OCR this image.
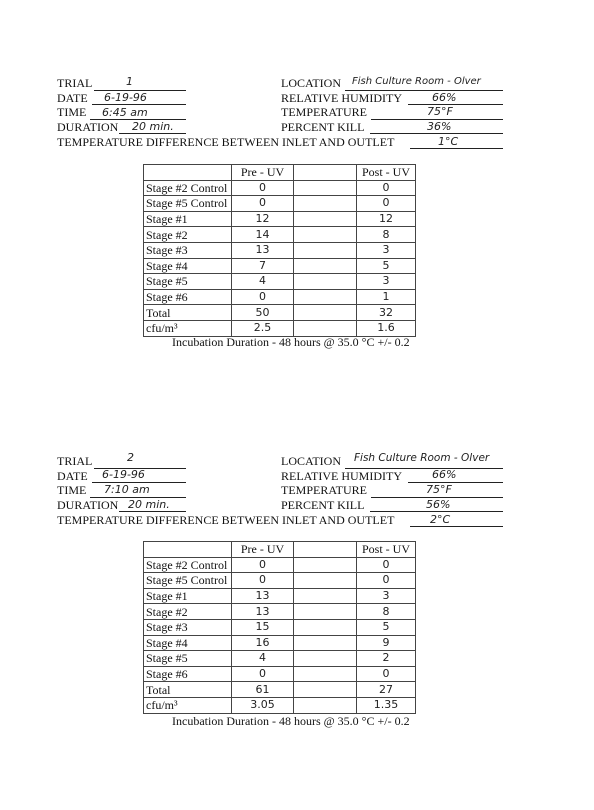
TRIAL	1
DATE 6-19-96
TIME 6:45 am
DURATION 20 min.
LOCATION Fish Culture Room - Olver
RELATIVE HUMIDITY	66%
TEMPERATURE	75°F
PERCENT KILL	36%
TEMPERATURE DIFFERENCE BETWEEN INLET AND OUTLET	1°C
	Pre - UV		Post - UV
Stage #2 Control	0		0
Stage #5 Control	0		0
Stage #1	12		12
Stage #2	14		8
Stage #3	13		3
Stage #4	7		5
Stage #5	4		3
Stage #6	0		1
Total	50		32
cfu/m³	2.5		1.6
Incubation Duration - 48 hours @ 35.0 °C +/- 0.2
TRIAL	2
DATE 6-19-96
TIME 7:10 am
DURATION 20 min.
LOCATION Fish Culture Room - Olver
RELATIVE HUMIDITY	66%
TEMPERATURE	75°F
PERCENT KILL	56%
TEMPERATURE DIFFERENCE BETWEEN INLET AND OUTLET	2°C
	Pre - UV		Post - UV
Stage #2 Control	0		0
Stage #5 Control	0		0
Stage #1	13		3
Stage #2	13		8
Stage #3	15		5
Stage #4	16		9
Stage #5	4		2
Stage #6	0		0
Total	61		27
cfu/m³	3.05		1.35
Incubation Duration - 48 hours @ 35.0 °C +/- 0.2
